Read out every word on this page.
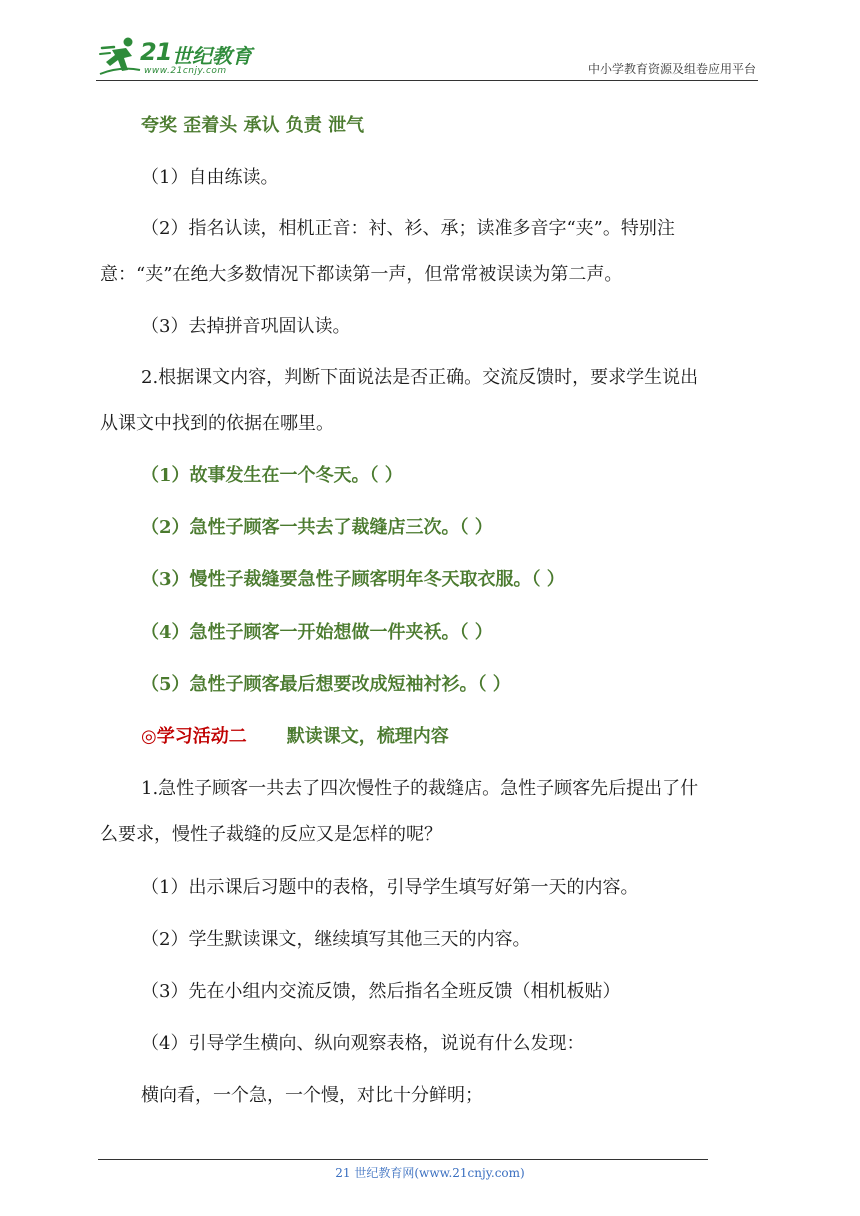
21 世纪教育
www.21cnjy.com	中小学教育资源及组卷应用平台
夸奖 歪着头 承认 负责 泄气
（1）自由练读。
（2）指名认读，相机正音：衬、衫、承；读准多音字“夹”。特别注
意：“夹”在绝大多数情况下都读第一声，但常常被误读为第二声。
（3）去掉拼音巩固认读。
2.根据课文内容，判断下面说法是否正确。交流反馈时，要求学生说出
从课文中找到的依据在哪里。
（1）故事发生在一个冬天。（ ）
（2）急性子顾客一共去了裁缝店三次。（ ）
（3）慢性子裁缝要急性子顾客明年冬天取衣服。（ ）
（4）急性子顾客一开始想做一件夹袄。（ ）
（5）急性子顾客最后想要改成短袖衬衫。（ ）
◎学习活动二 默读课文，梳理内容
1.急性子顾客一共去了四次慢性子的裁缝店。急性子顾客先后提出了什
么要求，慢性子裁缝的反应又是怎样的呢？
（1）出示课后习题中的表格，引导学生填写好第一天的内容。
（2）学生默读课文，继续填写其他三天的内容。
（3）先在小组内交流反馈，然后指名全班反馈（相机板贴）
（4）引导学生横向、纵向观察表格，说说有什么发现：
横向看，一个急，一个慢，对比十分鲜明；
21 世纪教育网(www.21cnjy.com)
